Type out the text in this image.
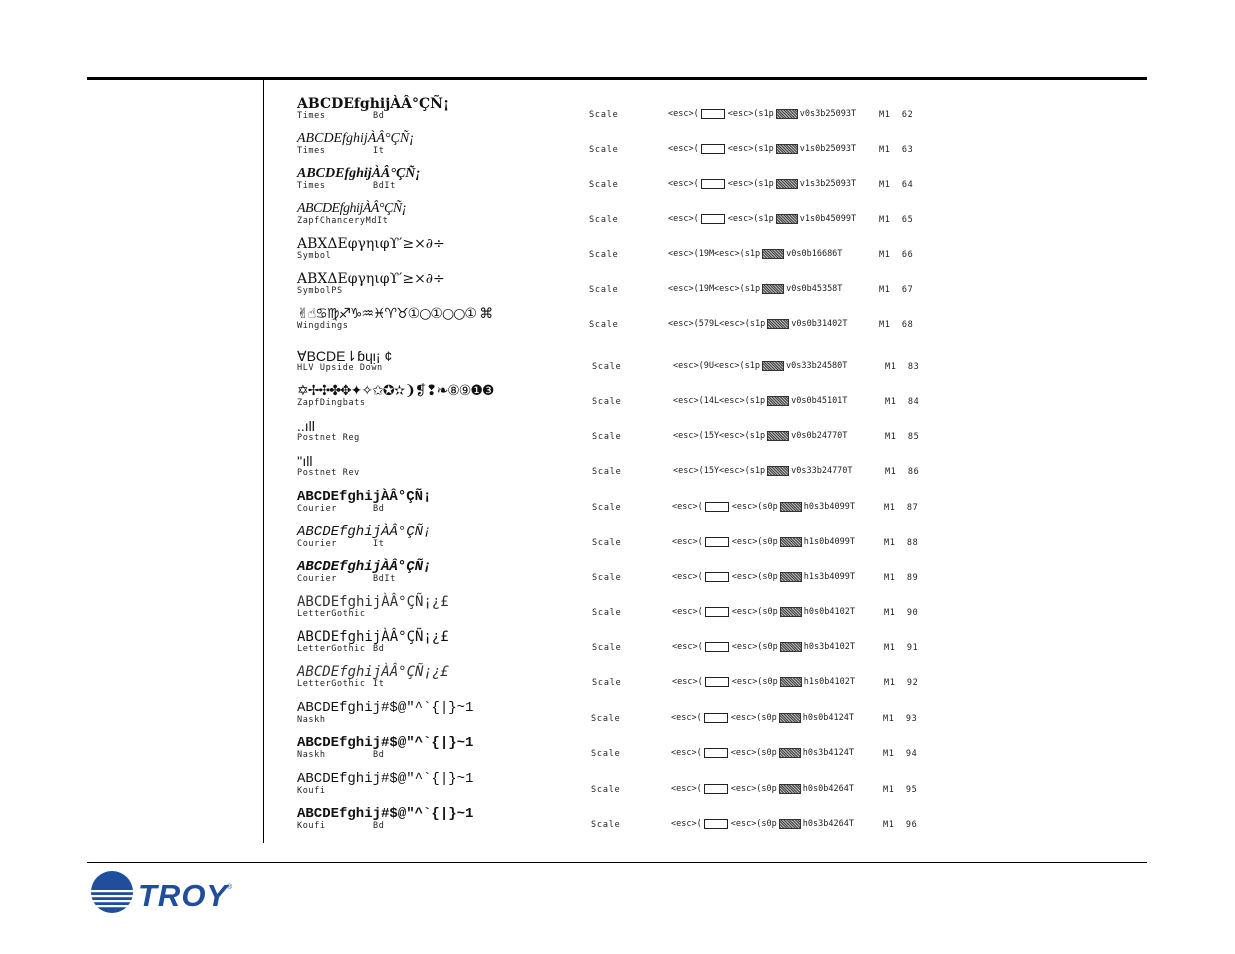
ABCDEfghijÀÂ°ÇÑ¡
Times	Bd	Scale	<esc>(	<esc>(s1p	v0s3b25093T	M1  62
ABCDEfghijÀÂ°ÇÑ¡
Times	It	Scale	<esc>(	<esc>(s1p	v1s0b25093T	M1  63
ABCDEfghijÀÂ°ÇÑ¡
Times	BdIt	Scale	<esc>(	<esc>(s1p	v1s3b25093T	M1  64
ABCDEfghijÀÂ°ÇÑ¡
ZapfChanceryMdIt	Scale	<esc>(	<esc>(s1p	v1s0b45099T	M1  65
ΑΒΧΔΕφγηιφϒ′≥×∂÷
Symbol	Scale	<esc>(19M<esc>(s1p	v0s0b16686T	M1  66
ΑΒΧΔΕφγηιφϒ′≥×∂÷
SymbolPS	Scale	<esc>(19M<esc>(s1p	v0s0b45358T	M1  67
✌☝♋♍♐♑♒♓♈♉①○①○○① ⌘
Wingdings	Scale	<esc>(579L<esc>(s1p	v0s0b31402T	M1  68
∀BCDE⇂ɓɥᴉ¡ ¢
HLV Upside Down	Scale	<esc>(9U<esc>(s1p	v0s33b24580T	M1  83
✡✢✣✤✥✦✧✩✪✫❩❡❢❧⑧⑨❶❸
ZapfDingbats	Scale	<esc>(14L<esc>(s1p	v0s0b45101T	M1  84
..ıll
Postnet Reg	Scale	<esc>(15Y<esc>(s1p	v0s0b24770T	M1  85
''ıll
Postnet Rev	Scale	<esc>(15Y<esc>(s1p	v0s33b24770T	M1  86
ABCDEfghijÀÂ°ÇÑ¡
Courier	Bd	Scale	<esc>(	<esc>(s0p	h0s3b4099T	M1  87
ABCDEfghijÀÂ°ÇÑ¡
Courier	It	Scale	<esc>(	<esc>(s0p	h1s0b4099T	M1  88
ABCDEfghijÀÂ°ÇÑ¡
Courier	BdIt	Scale	<esc>(	<esc>(s0p	h1s3b4099T	M1  89
ABCDEfghijÀÂ°ÇÑ¡¿£
LetterGothic	Scale	<esc>(	<esc>(s0p	h0s0b4102T	M1  90
ABCDEfghijÀÂ°ÇÑ¡¿£
LetterGothic Bd	Scale	<esc>(	<esc>(s0p	h0s3b4102T	M1  91
ABCDEfghijÀÂ°ÇÑ¡¿£
LetterGothic It	Scale	<esc>(	<esc>(s0p	h1s0b4102T	M1  92
ABCDEfghij#$@"^`{|}~1
Naskh	Scale	<esc>(	<esc>(s0p	h0s0b4124T	M1  93
ABCDEfghij#$@"^`{|}~1
Naskh	Bd	Scale	<esc>(	<esc>(s0p	h0s3b4124T	M1  94
ABCDEfghij#$@"^`{|}~1
Koufi	Scale	<esc>(	<esc>(s0p	h0s0b4264T	M1  95
ABCDEfghij#$@"^`{|}~1
Koufi	Bd	Scale	<esc>(	<esc>(s0p	h0s3b4264T	M1  96
TROY
®
